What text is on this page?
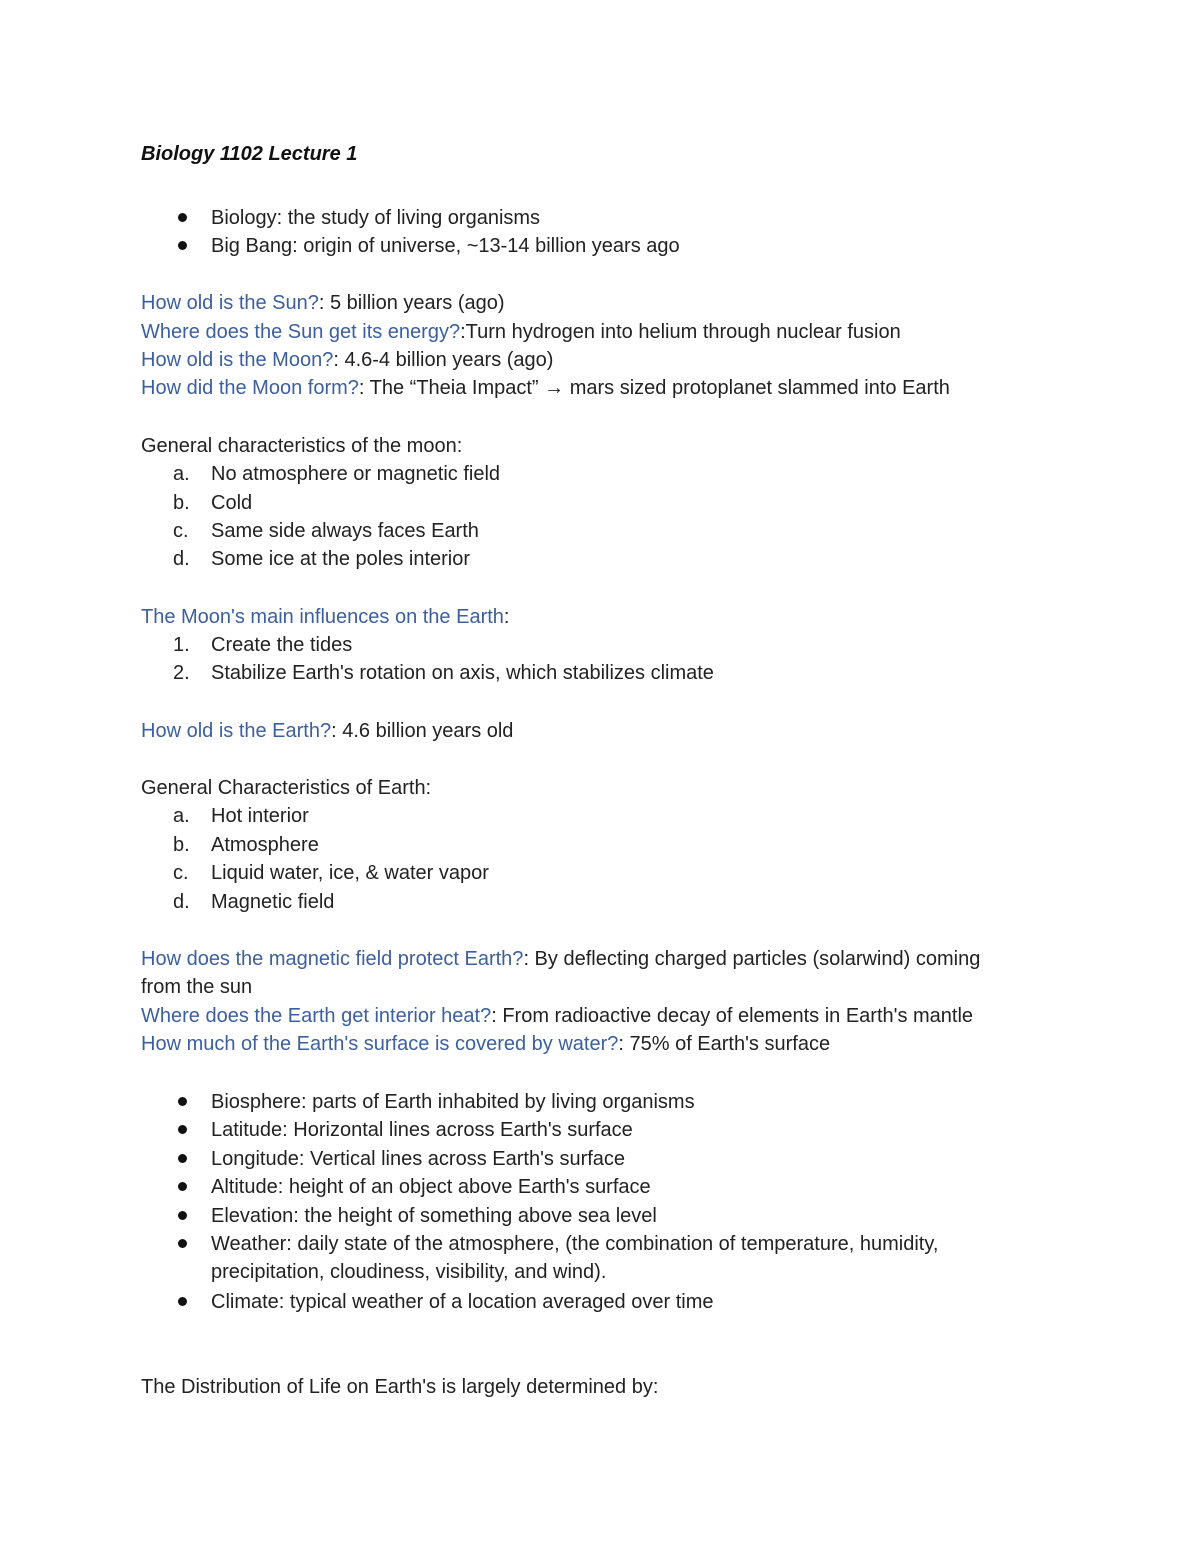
Biology 1102 Lecture 1
Biology: the study of living organisms
Big Bang: origin of universe, ~13-14 billion years ago
How old is the Sun?: 5 billion years (ago)
Where does the Sun get its energy?:Turn hydrogen into helium through nuclear fusion
How old is the Moon?: 4.6-4 billion years (ago)
How did the Moon form?: The “Theia Impact” → mars sized protoplanet slammed into Earth
General characteristics of the moon:
a.	No atmosphere or magnetic field
b.	Cold
c.	Same side always faces Earth
d.	Some ice at the poles interior
The Moon's main influences on the Earth:
1.	Create the tides
2.	Stabilize Earth's rotation on axis, which stabilizes climate
How old is the Earth?: 4.6 billion years old
General Characteristics of Earth:
a.	Hot interior
b.	Atmosphere
c.	Liquid water, ice, & water vapor
d.	Magnetic field
How does the magnetic field protect Earth?: By deflecting charged particles (solarwind) coming
from the sun
Where does the Earth get interior heat?: From radioactive decay of elements in Earth's mantle
How much of the Earth's surface is covered by water?: 75% of Earth's surface
Biosphere: parts of Earth inhabited by living organisms
Latitude: Horizontal lines across Earth's surface
Longitude: Vertical lines across Earth's surface
Altitude: height of an object above Earth's surface
Elevation: the height of something above sea level
Weather: daily state of the atmosphere, (the combination of temperature, humidity,
precipitation, cloudiness, visibility, and wind).
Climate: typical weather of a location averaged over time
The Distribution of Life on Earth's is largely determined by:
